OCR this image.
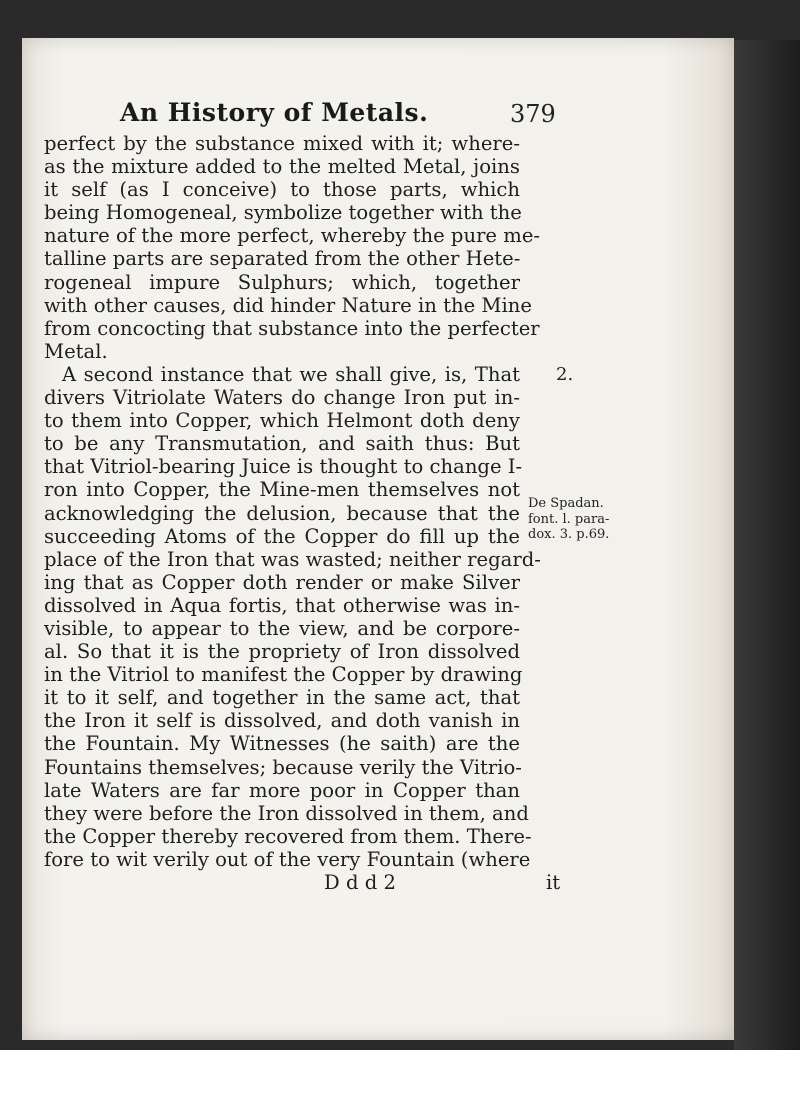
An History of Metals.	379
perfect by the substance mixed with it; where-
as the mixture added to the melted Metal, joins
it self (as I conceive) to those parts, which
being Homogeneal, symbolize together with the
nature of the more perfect, whereby the pure me-
talline parts are separated from the other Hete-
rogeneal impure Sulphurs; which, together
with other causes, did hinder Nature in the Mine
from concocting that substance into the perfecter
Metal.
A second instance that we shall give, is, That
divers Vitriolate Waters do change Iron put in-
to them into Copper, which Helmont doth deny
to be any Transmutation, and saith thus: But
that Vitriol-bearing Juice is thought to change I-
ron into Copper, the Mine-men themselves not
acknowledging the delusion, because that the
succeeding Atoms of the Copper do fill up the
place of the Iron that was wasted; neither regard-
ing that as Copper doth render or make Silver
dissolved in Aqua fortis, that otherwise was in-
visible, to appear to the view, and be corpore-
al. So that it is the propriety of Iron dissolved
in the Vitriol to manifest the Copper by drawing
it to it self, and together in the same act, that
the Iron it self is dissolved, and doth vanish in
the Fountain. My Witnesses (he saith) are the
Fountains themselves; because verily the Vitrio-
late Waters are far more poor in Copper than
they were before the Iron dissolved in them, and
the Copper thereby recovered from them. There-
fore to wit verily out of the very Fountain (where
D d d 2	it
2.
De Spadan.
font. l. para-
dox. 3. p.69.
